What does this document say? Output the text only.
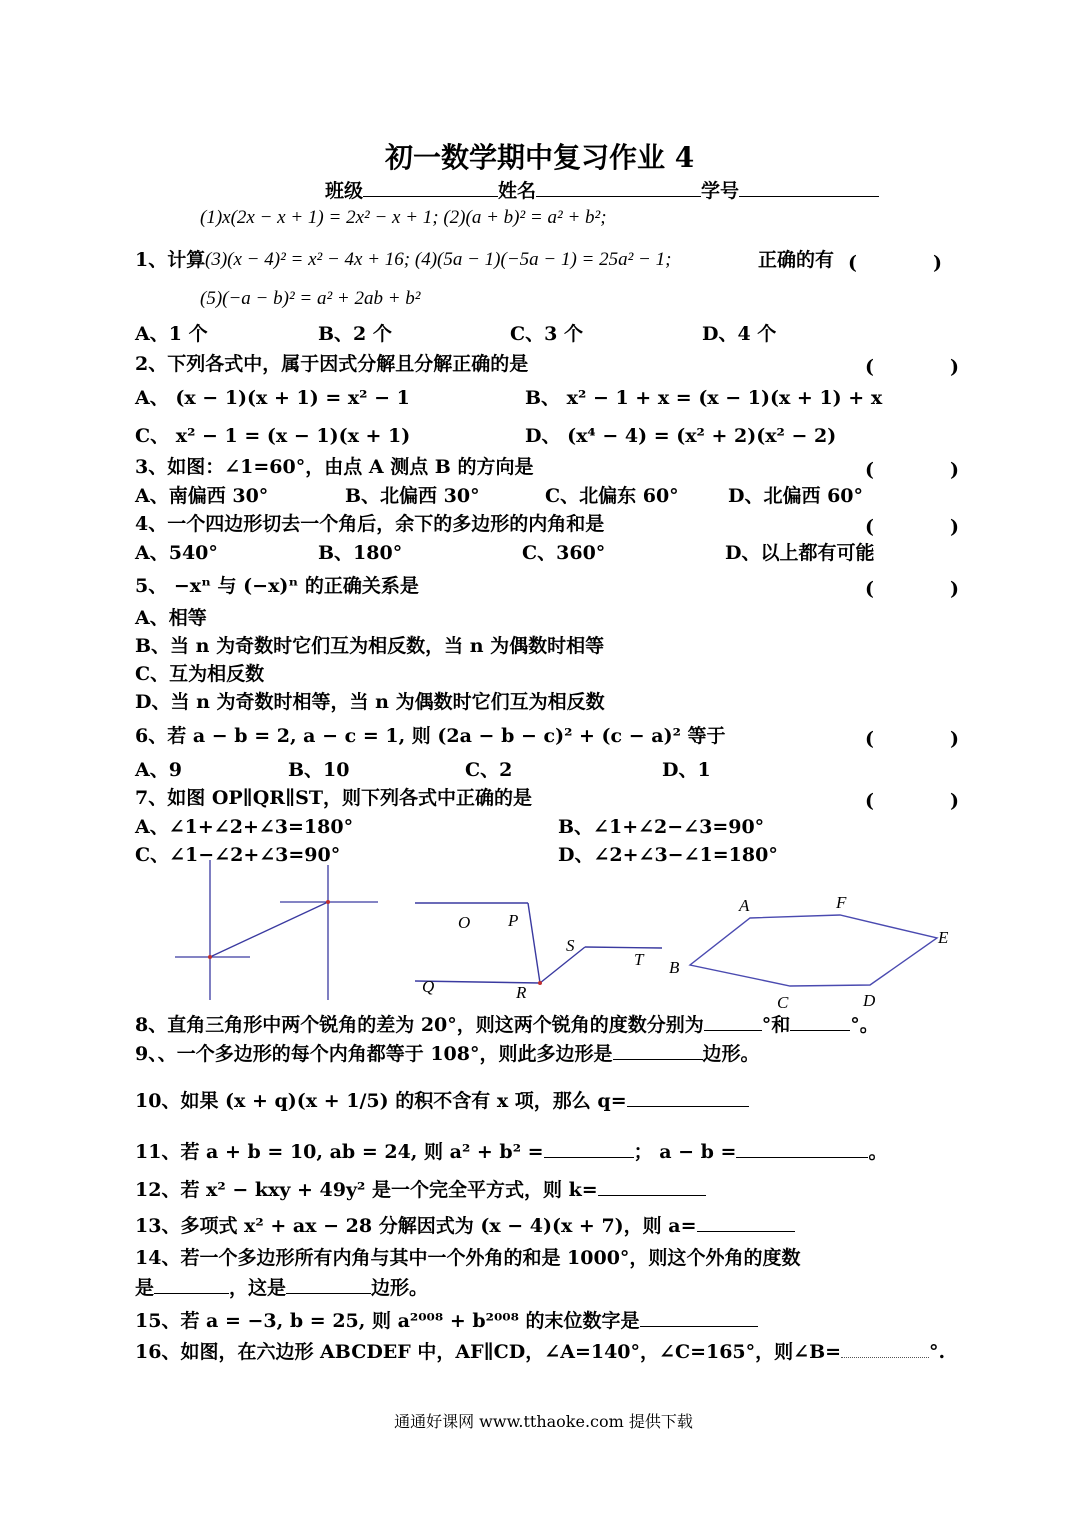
初一数学期中复习作业 4
班级	姓名	学号
(1)x(2x − x + 1) = 2x² − x + 1; (2)(a + b)² = a² + b²;
1、计算 (3)(x − 4)² = x² − 4x + 16; (4)(5a − 1)(−5a − 1) = 25a² − 1;	正确的有 (　　　　)
(5)(−a − b)² = a² + 2ab + b²
A、1 个	B、2 个	C、3 个	D、4 个
2、下列各式中，属于因式分解且分解正确的是	(　　　　)
A、 (x − 1)(x + 1) = x² − 1	B、 x² − 1 + x = (x − 1)(x + 1) + x
C、 x² − 1 = (x − 1)(x + 1)	D、 (x⁴ − 4) = (x² + 2)(x² − 2)
3、如图：∠1=60°，由点 A 测点 B 的方向是	(　　　　)
A、南偏西 30°	B、北偏西 30°	C、北偏东 60°	D、北偏西 60°
4、一个四边形切去一个角后，余下的多边形的内角和是	(　　　　)
A、540°	B、180°	C、360°	D、以上都有可能
5、 −xⁿ 与 (−x)ⁿ 的正确关系是	(　　　　)
A、相等
B、当 n 为奇数时它们互为相反数，当 n 为偶数时相等
C、互为相反数
D、当 n 为奇数时相等，当 n 为偶数时它们互为相反数
6、若 a − b = 2, a − c = 1, 则 (2a − b − c)² + (c − a)² 等于	(　　　　)
A、9	B、10	C、2	D、1
7、如图 OP∥QR∥ST，则下列各式中正确的是	(　　　　)
A、∠1+∠2+∠3=180°	B、∠1+∠2−∠3=90°
C、∠1−∠2+∠3=90°	D、∠2+∠3−∠1=180°
O P
S
T
Q	R
A	F
E
B
C	D
8、直角三角形中两个锐角的差为 20°，则这两个锐角的度数分别为	°和	°。
9、、一个多边形的每个内角都等于 108°，则此多边形是	边形。
10、如果 (x + q)(x + 1/5) 的积不含有 x 项，那么 q=
11、若 a + b = 10, ab = 24, 则 a² + b² =	； a − b =	。
12、若 x² − kxy + 49y² 是一个完全平方式，则 k=
13、多项式 x² + ax − 28 分解因式为 (x − 4)(x + 7)，则 a=
14、若一个多边形所有内角与其中一个外角的和是 1000°，则这个外角的度数
是	，这是	边形。
15、若 a = −3, b = 25, 则 a²⁰⁰⁸ + b²⁰⁰⁸ 的末位数字是
16、如图，在六边形 ABCDEF 中，AF∥CD，∠A=140°，∠C=165°，则∠B=	°.
通通好课网 www.tthaoke.com 提供下载
